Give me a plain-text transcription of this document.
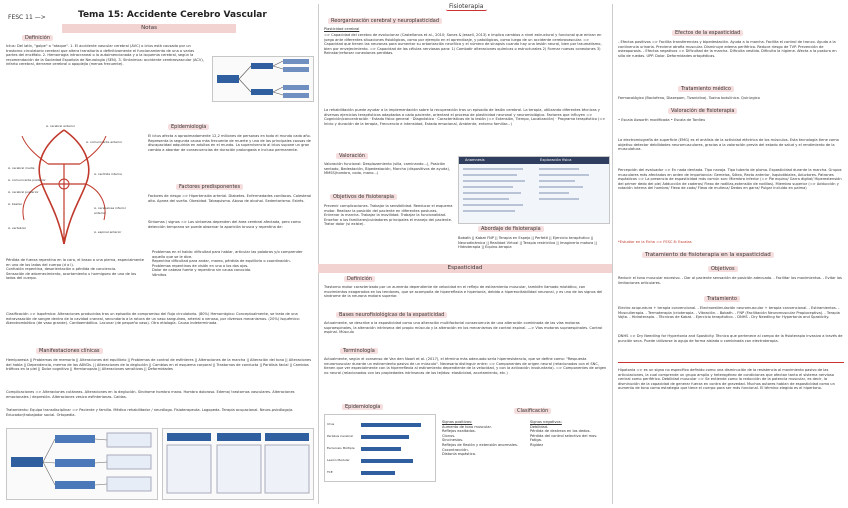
FESC 11 —>	Tema 15: Accidente Cerebro Vascular
Notas
Definición
Ictus: Del latín, "golpe" o "ataque". 1. El accidente vascular cerebral (AVC) o ictus está causado por un trastorno circulatorio cerebral que altera transitoria o definitivamente el funcionamiento de una o varias partes del encéfalo. 2. Hemorragia intracraneal o la autoimencionada y a la isquemia cerebral, según la recomendación de la Sociedad Española de Neurología (SEN). 3. Sinónimos: accidente cerebrovascular (ACV), infarto cerebral, derrame cerebral o apoplejía (menos frecuente).
A. cerebral anterior
A. comunicante anterior
A. carótida interna
A. cerebral media
A. comunicante posterior
A. cerebral posterior
A. basilar
A. vertebral
A. cerebelosa inferior anterior
A. espinal anterior
Epidemiología
El ictus afecta a aproximadamente 12,2 millones de personas en todo el mundo cada año. Representa la segunda causa más frecuente de muerte y una de las principales causas de discapacidad adquirida en adultos en el mundo. La supervivencia al ictus supone un gran cambio a abordar de consecuencias de duración prolongada e incluso permanente.
Factores predisponentes
Factores de riesgo => Hipertensión arterial. Diabetes. Enfermedades cardíacas. Colesterol alto. Apnea del sueño. Obesidad. Tabaquismo. Abuso de alcohol. Sedentarismo. Estrés.
Síntomas / signos => Los síntomas dependen del área cerebral afectada, pero como detección temprana se puede observar la aparición brusca y repentina de:
Pérdida de fuerza repentina en la cara, el brazo o una pierna, especialmente en uno de los lados del cuerpo (d o i).
Confusión repentina, desorientación o pérdida de conciencia.
Sensación de adormecimiento, acortamiento u hormigueo de uno de los lados del cuerpo.
Problemas en el habla: dificultad para hablar, articular las palabras y/o comprender aquello que se le dice.
Repentina dificultad para andar, mareo, pérdida de equilibrio o coordinación.
Problemas repentinos de visión en uno o los dos ojos.
Dolor de cabeza fuerte y repentino sin causa conocida.
Vómitos
Clasificación => Isquémico: Alteraciones producidas tras un episodio de compromiso del flujo circulatorio. (80%) Hemorrágico: Conceptualmente, se trata de una extravasación de sangre dentro de la cavidad craneal, secundaria a la rotura de un vaso sanguíneo, arterial o venoso, por diversos mecanismos. (20%) Isquémico: Aterotrombótico (de vaso grande). Cardioembólico. Lacunar (de pequeño vaso). Otra etiología. Causa indeterminada.
Manifestaciones clínicas
Hemiparesia || Problemas de memoria || Alteraciones del equilibrio || Problemas de control de esfínteres || Alteraciones de la marcha || Alteración del tono || Alteraciones del habla || Dependencia, merma de las ABVDs. || Alteraciones de la deglución || Cambios en el esquema corporal || Trastornos de conducta || Parálisis facial || Cambios tróficos en la piel || Dolor cognitivo || Hemianopsia || Alteraciones sensitivas || Deformidades
Complicaciones => Alteraciones cutáneas. Alteraciones en la deglución. Síndrome hombro mano. Hombro doloroso. Edema/ trastornos vasculares. Alteraciones emocionales / depresión. Alteraciones vesico esfinterianas. Caídas.
Tratamiento: Equipo transdisciplinar => Paciente y familia. Médico rehabilitador / neurólogo. Fisioterapeuta. Logopeda. Terapia ocupacional. Neuro-psicólogo/a. Educador/trabajador social. Ortopedia.
Fisioterapia
Reorganización cerebral y neuroplasticidad
Plasticidad cerebral
=> Capacidad del cerebro de evolucionar (Castellanos et al., 2010; Sanes & Jessell, 2013) e implica cambios a nivel estructural y funcional que entran en juego ante diferentes situaciones fisiológicas, como por ejemplo en el aprendizaje, y patológicas, como luego de un accidente cerebrovascular. => Capacidad que tienen las neuronas para aumentar su arborización neurítica y el número de sinapsis cuando hay una lesión neural, bien por traumatismo, bien por envejecimiento. => Capacidad de las células nerviosas para: 1) Combatir alteraciones químicas o estructurales 2) Formar nuevas conexiones 3) Reinstar/reforzar conexiones perdidas.
La rehabilitación puede ayudar a la implementación sobre la recuperación tras un episodio de lesión cerebral. La terapia, utilizando diferentes técnicas y diversos ejercicios terapéuticos adaptados a cada paciente, orientará el proceso de plasticidad neuronal y neuromiológico. Factores que influyen => Cognición/concentración · Estado físico general · Diagnóstico · Características de la lesión (=> Extensión, Tiempo, Localización) · Programa terapéutico (=> Inicio y duración de la terapia, Frecuencia e intensidad, Estado emocional, Ambiente, entorno familiar...)
Valoración
Valoración funcional: Desplazamiento (silla, caminando...), Posición sentado, Bedestación, Bipedestación, Marcha (dispositivos de ayuda), MMSS(hombro, codo, mano...)
Objetivos de fisioterapia
Prevenir complicaciones. Trabajar la sensibilidad. Reeducar el esquema motor. Realizar la posición del paciente en diferentes posturas. Entrenar la marcha. Trabajar la movilidad. Trabajar la funcionalidad. Enseñar a los familiares/cuidadores principales el manejo del paciente. Tratar dolor (si existe).
Anamnesis	Exploración física
Abordaje de fisioterapia
Bobath || Kabat FNP || Terapia en Espejo || Perfetti || Ejercicio terapéutico || Neurodinámica || Realidad Virtual || Terapia restrictiva || Imaginería motora || Hidroterapia || Equino-terapia
Espasticidad
Definición
Trastorno motor caracterizado por un aumento dependiente de velocidad en el reflejo de estiramiento muscular, también llamado miotático, con movimientos exagerados en los tendones, que se acompaña de hiperreflexia e hipertonía, debido a hiperexcitabilidad neuronal, y es uno de los signos del síndrome de la neurona motora superior.
Bases neurofisiológicas de la espasticidad
Actualmente, se describe a la espasticidad como una alteración multifactorial consecuencia de una alteración combinada de las vías motoras supraespinales, la alteración intrínseca del propio músculo y la alteración en los mecanismos de control espinal. —> Vías motoras supraespinales. Control espinal. Músculo
Terminología
Actualmente, según el consenso de Van den Noort et al. (2017), el término más adecuado sería hiperresistencia, que se define como: "Respuesta neuromuscular durante un estiramiento pasivo de un músculo". Necesario distinguir entre: => Componentes de origen neural (relacionados con el SNC, tienen que ver especialmente con la hiperreflexia al estiramiento dependiente de la velocidad, y con la activación involuntaria). => Componentes de origen no neural (relacionados con las propiedades intrínsecas de los tejidos: elasticidad, acortamiento, etc.)
Epidemiología
Ictus
Parálisis Cerebral
Esclerosis Múltiple
Lesión Medular
TCE
Clasificación
Signos positivos:
Aumento de tono muscular.
Reflejos exaltados.
Clonus.
Sincinesias.
Reflejos de flexión y extensión anormales.
Cocontracción.
Distonía espástica.
Signos negativos:
Debilidad.
Pérdida de destreza en los dedos.
Pérdida del control selectivo del mov.
Fatiga.
Rigidez
Efectos de la espasticidad
- Efectos positivos => Facilita transferencias y bipedestación. Ayuda a la marcha. Facilita el control de tronco. Ayuda a la continencia urinaria. Previene atrofia muscular. Disminuye edema periférico. Reduce riesgo de TVP. Prevención de osteoporosis. - Efectos negativos => Dificultad de la marcha. Dificulta vestido. Dificulta la higiene. Afecta a la postura en silla de ruedas. UPP. Dolor. Deformidades ortopédicas.
Tratamiento médico
Farmacológico (Baclofeno, Diazepam, Tizanidina). Toxina botulínica. Quirúrgico
Valoración de fisioterapia
• Escala Asworth modificada • Escala de Tardieu
La electromiografía de superficie (EMG) es el análisis de la actividad eléctrica de los músculos. Esta tecnología tiene como objetivo detectar debilidades neuromusculares, gracias a la valoración previa del estado de salud y el rendimiento de la musculatura.
Percepción del evaluador => En nada dentada. Tipo navaja. Tipo tubería de plomo. Espasticidad durante la marcha. Grupos musculares más afectados en orden de importancia: Gemelos, Sóleo, Recto anterior, Isquiotibiales, Aductores. Patrones espásticos => La presencia de espasticidad más común son: Miembro inferior (=> Pie equino/ Garra digital/ Hiperextensión del primer dedo del pie/ Adducción de caderas/ Flexo de rodillas,extensión de rodillas). Miembro superior (=> Adducción y rotación interna del hombro/ Flexo de codo/ Flexo de muñeca/ Dedos en garra/ Pulgar incluido en palma)
*Estudiar en la Ficha => FESC 8: Escalas
Tratamiento de fisioterapia en la espasticidad
Objetivos
Reducir el tono muscular excesivo. - Dar al paciente sensación de posición adecuada. - Facilitar los movimientos. - Evitar las limitaciones articulares.
Tratamiento
Electro acupuntura + terapia convencional. - Electroestimulación neuromuscular + terapia convencional. - Estiramientos. - Musculterapia. - Termoterapia /crioterapia. - Vibración. - Bobath. - FNP (Facilitación Neuromuscular Propioceptiva). - Terapia Vojta. - Hidroterapia. - Técnicas de Kabat. - Ejercicio terapéutico. - DNHS - Dry Needling for Hypertonia and Spasticity.
DNHS => Dry Needling for Hypertonia and Spasticity. Técnica que pertenece al campo de la fisioterapia invasiva a través de punción seca. Puede utilizarse la aguja de forma aislada o combinada con electroterapia.
Hipotonía => es un signo no específico definido como una disminución de la resistencia al movimiento pasivo de las articulaciones, la cual comprende un grupo amplio y heterogéneo de condiciones que afectan tanto el sistema nervioso central como periférico. Debilidad muscular => Se entiende como la reducción de la potencia muscular, es decir, la disminución de la capacidad de generar fuerza en contra de gravedad. Muchos autores hablan de espasticidad como un aumento de tono como estrategia que tiene el cuerpo para ser más funcional. El término elegido es el hipertono.
